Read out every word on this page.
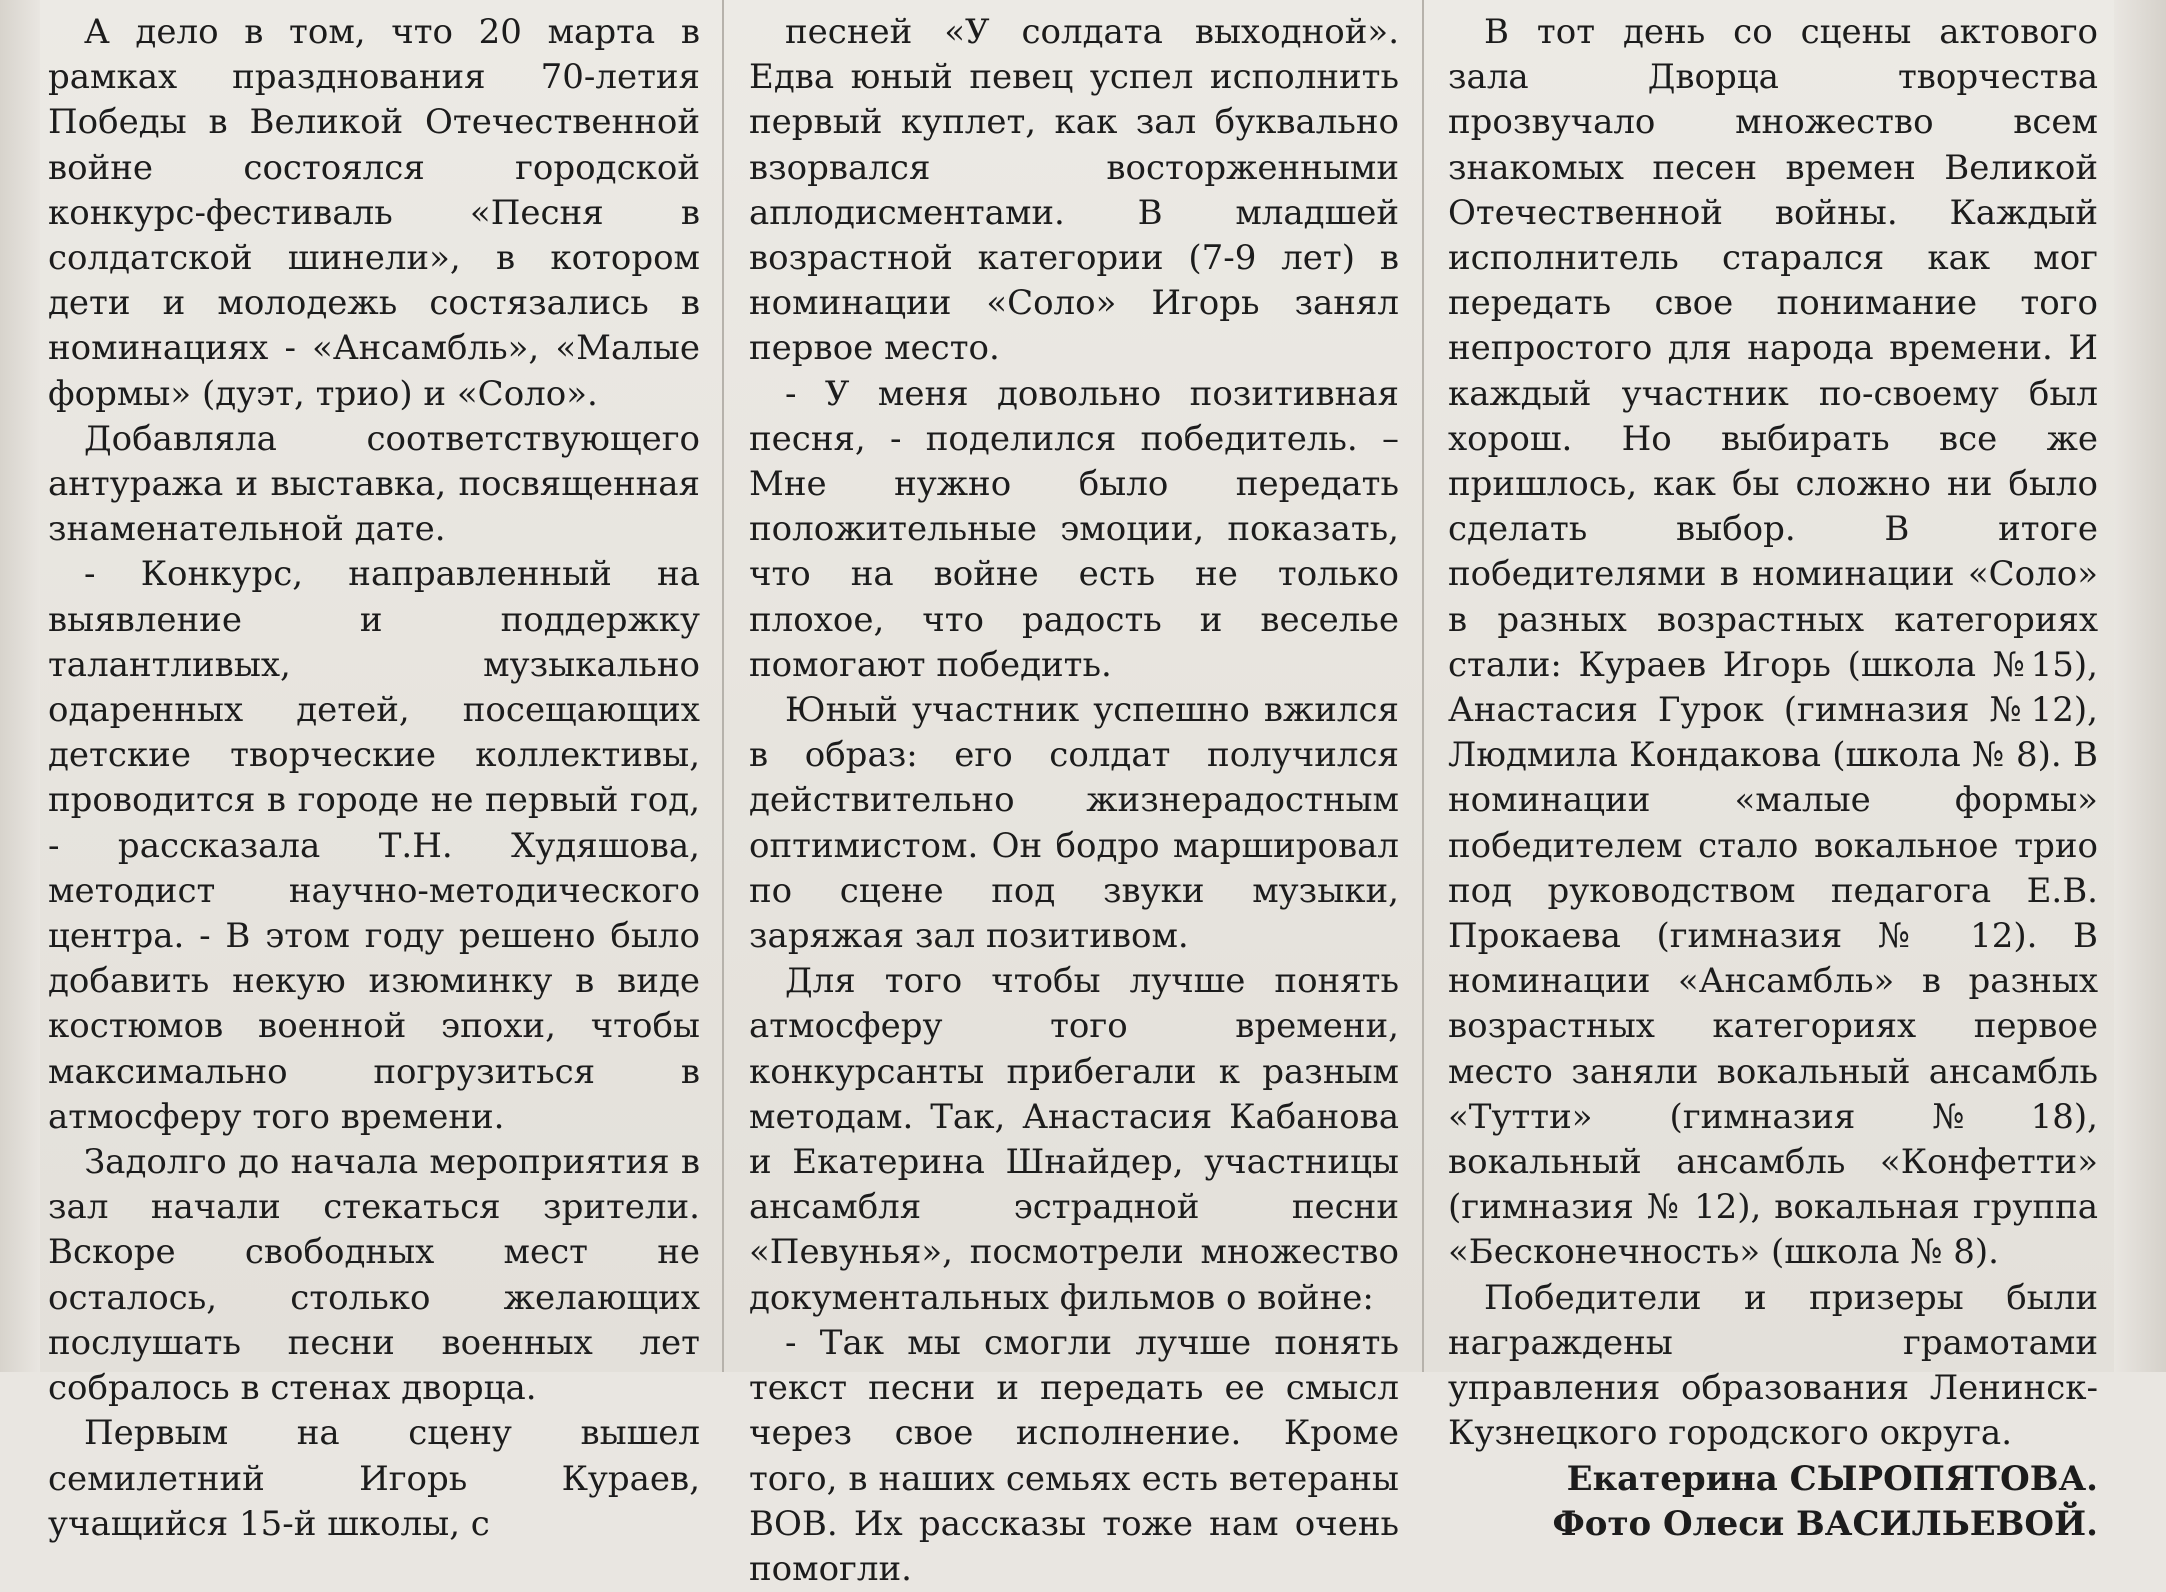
А дело в том, что 20 марта в рамках празднования 70-летия Победы в Великой Отечественной войне состоялся городской конкурс-фестиваль «Песня в солдатской шинели», в котором дети и молодежь состязались в номинациях - «Ансамбль», «Малые формы» (дуэт, трио) и «Соло».

Добавляла соответствующего антуража и выставка, посвященная знаменательной дате.

- Конкурс, направленный на выявление и поддержку талантливых, музыкально одаренных детей, посещающих детские творческие коллективы, проводится в городе не первый год, - рассказала Т.Н. Худяшова, методист научно-методического центра. - В этом году решено было добавить некую изюминку в виде костюмов военной эпохи, чтобы максимально погрузиться в атмосферу того времени.

Задолго до начала мероприятия в зал начали стекаться зрители. Вскоре свободных мест не осталось, столько желающих послушать песни военных лет собралось в стенах дворца.

Первым на сцену вышел семилетний Игорь Кураев, учащийся 15-й школы, с

песней «У солдата выходной». Едва юный певец успел исполнить первый куплет, как зал буквально взорвался восторженными аплодисментами. В младшей возрастной категории (7-9 лет) в номинации «Соло» Игорь занял первое место.

- У меня довольно позитивная песня, - поделился победитель. – Мне нужно было передать положительные эмоции, показать, что на войне есть не только плохое, что радость и веселье помогают победить.

Юный участник успешно вжился в образ: его солдат получился действительно жизнерадостным оптимистом. Он бодро маршировал по сцене под звуки музыки, заряжая зал позитивом.

Для того чтобы лучше понять атмосферу того времени, конкурсанты прибегали к разным методам. Так, Анастасия Кабанова и Екатерина Шнайдер, участницы ансамбля эстрадной песни «Певунья», посмотрели множество документальных фильмов о войне:

- Так мы смогли лучше понять текст песни и передать ее смысл через свое исполнение. Кроме того, в наших семьях есть ветераны ВОВ. Их рассказы тоже нам очень помогли.

В тот день со сцены актового зала Дворца творчества прозвучало множество всем знакомых песен времен Великой Отечественной войны. Каждый исполнитель старался как мог передать свое понимание того непростого для народа времени. И каждый участник по-своему был хорош. Но выбирать все же пришлось, как бы сложно ни было сделать выбор. В итоге победителями в номинации «Соло» в разных возрастных категориях стали: Кураев Игорь (школа №15), Анастасия Гурок (гимназия №12), Людмила Кондакова (школа № 8). В номинации «малые формы» победителем стало вокальное трио под руководством педагога Е.В. Прокаева (гимназия № 12). В номинации «Ансамбль» в разных возрастных категориях первое место заняли вокальный ансамбль «Тутти» (гимназия №18), вокальный ансамбль «Конфетти» (гимназия № 12), вокальная группа «Бесконечность» (школа № 8).

Победители и призеры были награждены грамотами управления образования Ленинск-Кузнецкого городского округа.

Екатерина СЫРОПЯТОВА.

Фото Олеси ВАСИЛЬЕВОЙ.
